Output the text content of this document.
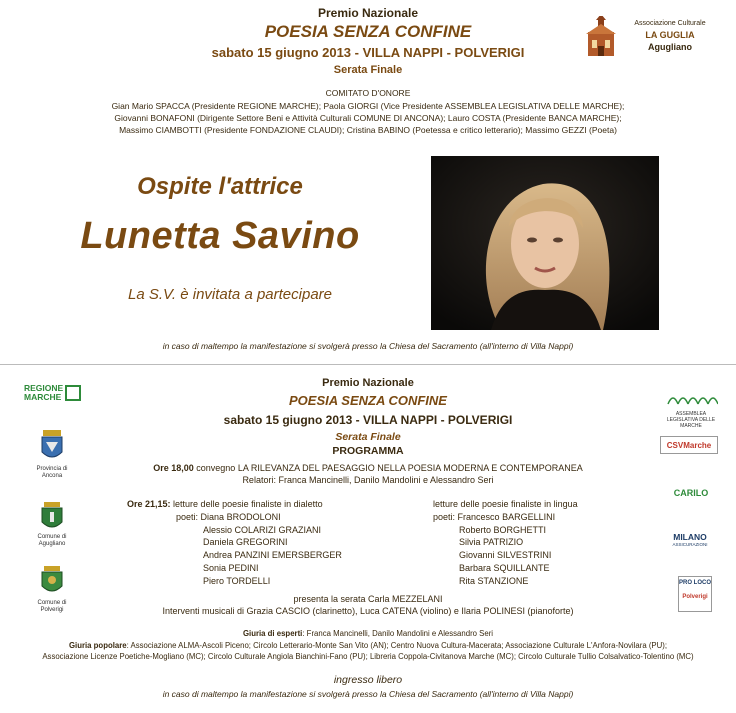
Premio Nazionale
POESIA SENZA CONFINE
sabato 15 giugno 2013 - VILLA NAPPI - POLVERIGI
Serata Finale
Associazione Culturale
LA GUGLIA
Agugliano
COMITATO D'ONORE
Gian Mario SPACCA (Presidente REGIONE MARCHE); Paola GIORGI (Vice Presidente ASSEMBLEA LEGISLATIVA DELLE MARCHE);
Giovanni BONAFONI (Dirigente Settore Beni e Attività Culturali COMUNE DI ANCONA); Lauro COSTA (Presidente BANCA MARCHE);
Massimo CIAMBOTTI (Presidente FONDAZIONE CLAUDI); Cristina BABINO (Poetessa e critico letterario); Massimo GEZZI (Poeta)
Ospite l'attrice
Lunetta Savino
La S.V. è invitata a partecipare
in caso di maltempo la manifestazione si svolgerà presso la Chiesa del Sacramento (all'interno di Villa Nappi)
REGIONE
MARCHE
Provincia di Ancona
Comune di Agugliano
Comune di Polverigi
ASSEMBLEA LEGISLATIVA DELLE MARCHE
CSVMarche
CARILO
MILANO
ASSICURAZIONI
PRO LOCO
Polverigi
Premio Nazionale
POESIA SENZA CONFINE
sabato 15 giugno 2013 - VILLA NAPPI - POLVERIGI
Serata Finale
PROGRAMMA
Ore 18,00 convegno LA RILEVANZA DEL PAESAGGIO NELLA POESIA MODERNA E CONTEMPORANEA
Relatori: Franca Mancinelli, Danilo Mandolini e Alessandro Seri
Ore 21,15: letture delle poesie finaliste in dialetto
poeti: Diana BRODOLONI
Alessio COLARIZI GRAZIANI
Daniela GREGORINI
Andrea PANZINI EMERSBERGER
Sonia PEDINI
Piero TORDELLI
letture delle poesie finaliste in lingua
poeti: Francesco BARGELLINI
Roberto BORGHETTI
Silvia PATRIZIO
Giovanni SILVESTRINI
Barbara SQUILLANTE
Rita STANZIONE
presenta la serata Carla MEZZELANI
Interventi musicali di Grazia CASCIO (clarinetto), Luca CATENA (violino) e Ilaria POLINESI (pianoforte)
Giuria di esperti: Franca Mancinelli, Danilo Mandolini e Alessandro Seri
Giuria popolare: Associazione ALMA-Ascoli Piceno; Circolo Letterario-Monte San Vito (AN); Centro Nuova Cultura-Macerata; Associazione Culturale L'Anfora-Novilara (PU);
Associazione Licenze Poetiche-Mogliano (MC); Circolo Culturale Angiola Bianchini-Fano (PU); Libreria Coppola-Civitanova Marche (MC); Circolo Culturale Tullio Colsalvatico-Tolentino (MC)
ingresso libero
in caso di maltempo la manifestazione si svolgerà presso la Chiesa del Sacramento (all'interno di Villa Nappi)
